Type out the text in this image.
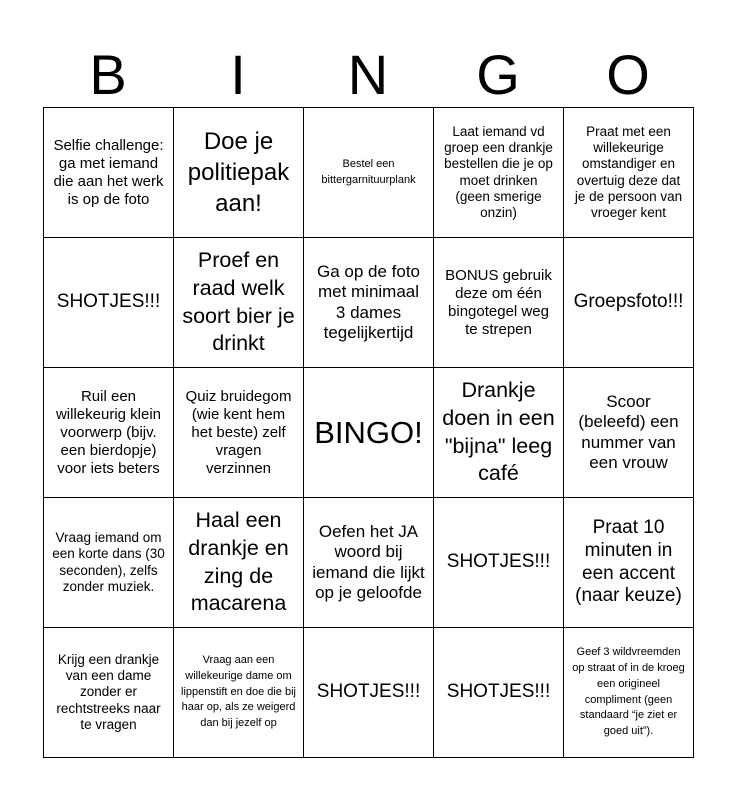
B	I	N	G	O
Selfie challenge: ga met iemand die aan het werk is op de foto	Doe je politiepak aan!	Bestel een bittergarnituurplank	Laat iemand vd groep een drankje bestellen die je op moet drinken (geen smerige onzin)	Praat met een willekeurige omstandiger en overtuig deze dat je de persoon van vroeger kent
SHOTJES!!!	Proef en raad welk soort bier je drinkt	Ga op de foto met minimaal 3 dames tegelijkertijd	BONUS gebruik deze om één bingotegel weg te strepen	Groepsfoto!!!
Ruil een willekeurig klein voorwerp (bijv. een bierdopje) voor iets beters	Quiz bruidegom (wie kent hem het beste) zelf vragen verzinnen	BINGO!	Drankje doen in een "bijna" leeg café	Scoor (beleefd) een nummer van een vrouw
Vraag iemand om een korte dans (30 seconden), zelfs zonder muziek.	Haal een drankje en zing de macarena	Oefen het JA woord bij iemand die lijkt op je geloofde	SHOTJES!!!	Praat 10 minuten in een accent (naar keuze)
Krijg een drankje van een dame zonder er rechtstreeks naar te vragen	Vraag aan een willekeurige dame om lippenstift en doe die bij haar op, als ze weigerd dan bij jezelf op	SHOTJES!!!	SHOTJES!!!	Geef 3 wildvreemden op straat of in de kroeg een origineel compliment (geen standaard “je ziet er goed uit”).
